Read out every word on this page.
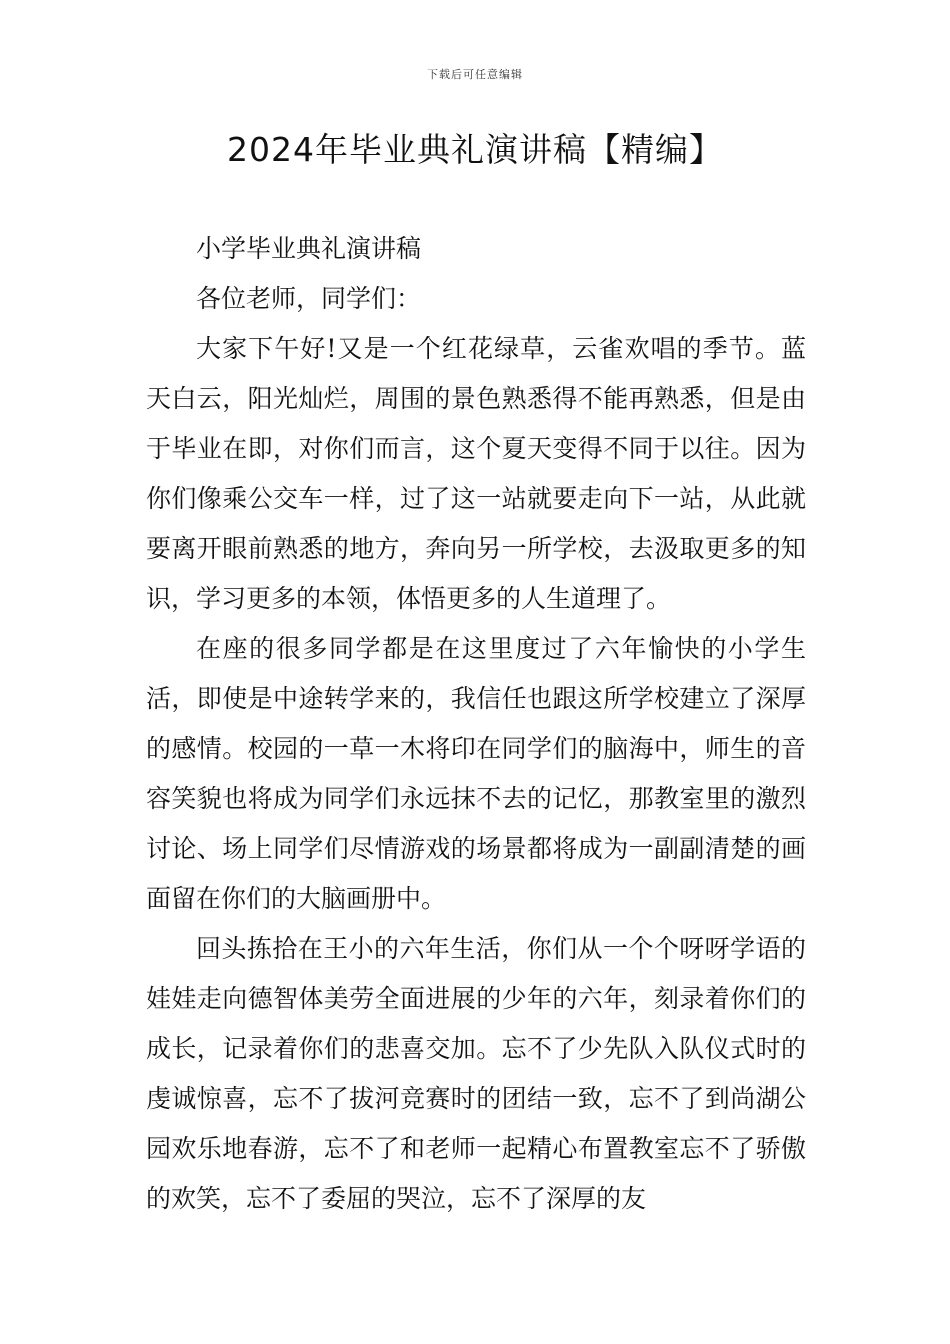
下载后可任意编辑
2024年毕业典礼演讲稿【精编】

小学毕业典礼演讲稿

各位老师，同学们：

大家下午好!又是一个红花绿草，云雀欢唱的季节。蓝天白云，阳光灿烂，周围的景色熟悉得不能再熟悉，但是由于毕业在即，对你们而言，这个夏天变得不同于以往。因为你们像乘公交车一样，过了这一站就要走向下一站，从此就要离开眼前熟悉的地方，奔向另一所学校，去汲取更多的知识，学习更多的本领，体悟更多的人生道理了。

在座的很多同学都是在这里度过了六年愉快的小学生活，即使是中途转学来的，我信任也跟这所学校建立了深厚的感情。校园的一草一木将印在同学们的脑海中，师生的音容笑貌也将成为同学们永远抹不去的记忆，那教室里的激烈讨论、场上同学们尽情游戏的场景都将成为一副副清楚的画面留在你们的大脑画册中。

回头拣拾在王小的六年生活，你们从一个个呀呀学语的娃娃走向德智体美劳全面进展的少年的六年，刻录着你们的成长，记录着你们的悲喜交加。忘不了少先队入队仪式时的虔诚惊喜，忘不了拔河竞赛时的团结一致，忘不了到尚湖公园欢乐地春游，忘不了和老师一起精心布置教室忘不了骄傲的欢笑，忘不了委屈的哭泣，忘不了深厚的友
